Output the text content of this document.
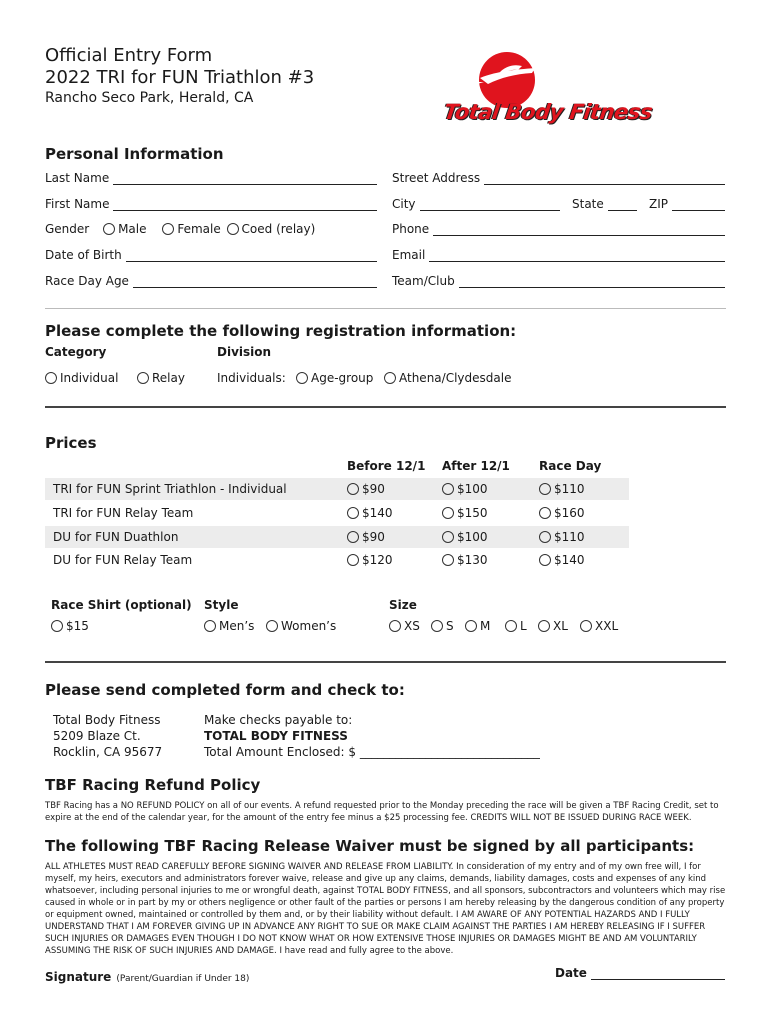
Official Entry Form
2022 TRI for FUN Triathlon #3
Rancho Seco Park, Herald, CA
Total Body Fitness
Personal Information
Last Name
First Name
Gender Male	Female Coed (relay)
Date of Birth
Race Day Age
Street Address
City	State	ZIP
Phone
Email
Team/Club
Please complete the following registration information:
Category	Division
Individual	Relay	Individuals:	Age-group	Athena/Clydesdale
Prices
Before 12/1 After 12/1 Race Day
TRI for FUN Sprint Triathlon - Individual	$90	$100	$110
TRI for FUN Relay Team	$140	$150	$160
DU for FUN Duathlon	$90	$100	$110
DU for FUN Relay Team	$120	$130	$140
Race Shirt (optional)
$15
Style
Men’s	Women’s
Size
XS	S	M	L	XL	XXL
Please send completed form and check to:
Total Body Fitness
5209 Blaze Ct.
Rocklin, CA 95677
Make checks payable to:
TOTAL BODY FITNESS
Total Amount Enclosed: $ ______________________________
TBF Racing Refund Policy
TBF Racing has a NO REFUND POLICY on all of our events. A refund requested prior to the Monday preceding the race will be given a TBF Racing Credit, set to expire at the end of the calendar year, for the amount of the entry fee minus a $25 processing fee. CREDITS WILL NOT BE ISSUED DURING RACE WEEK.
The following TBF Racing Release Waiver must be signed by all participants:
ALL ATHLETES MUST READ CAREFULLY BEFORE SIGNING WAIVER AND RELEASE FROM LIABILITY. In consideration of my entry and of my own free will, I for myself, my heirs, executors and administrators forever waive, release and give up any claims, demands, liability damages, costs and expenses of any kind whatsoever, including personal injuries to me or wrongful death, against TOTAL BODY FITNESS, and all sponsors, subcontractors and volunteers which may rise caused in whole or in part by my or others negligence or other fault of the parties or persons I am hereby releasing by the dangerous condition of any property or equipment owned, maintained or controlled by them and, or by their liability without default. I AM AWARE OF ANY POTENTIAL HAZARDS AND I FULLY UNDERSTAND THAT I AM FOREVER GIVING UP IN ADVANCE ANY RIGHT TO SUE OR MAKE CLAIM AGAINST THE PARTIES I AM HEREBY RELEASING IF I SUFFER SUCH INJURIES OR DAMAGES EVEN THOUGH I DO NOT KNOW WHAT OR HOW EXTENSIVE THOSE INJURIES OR DAMAGES MIGHT BE AND AM VOLUNTARILY ASSUMING THE RISK OF SUCH INJURIES AND DAMAGE. I have read and fully agree to the above.
Signature (Parent/Guardian if Under 18)	Date
